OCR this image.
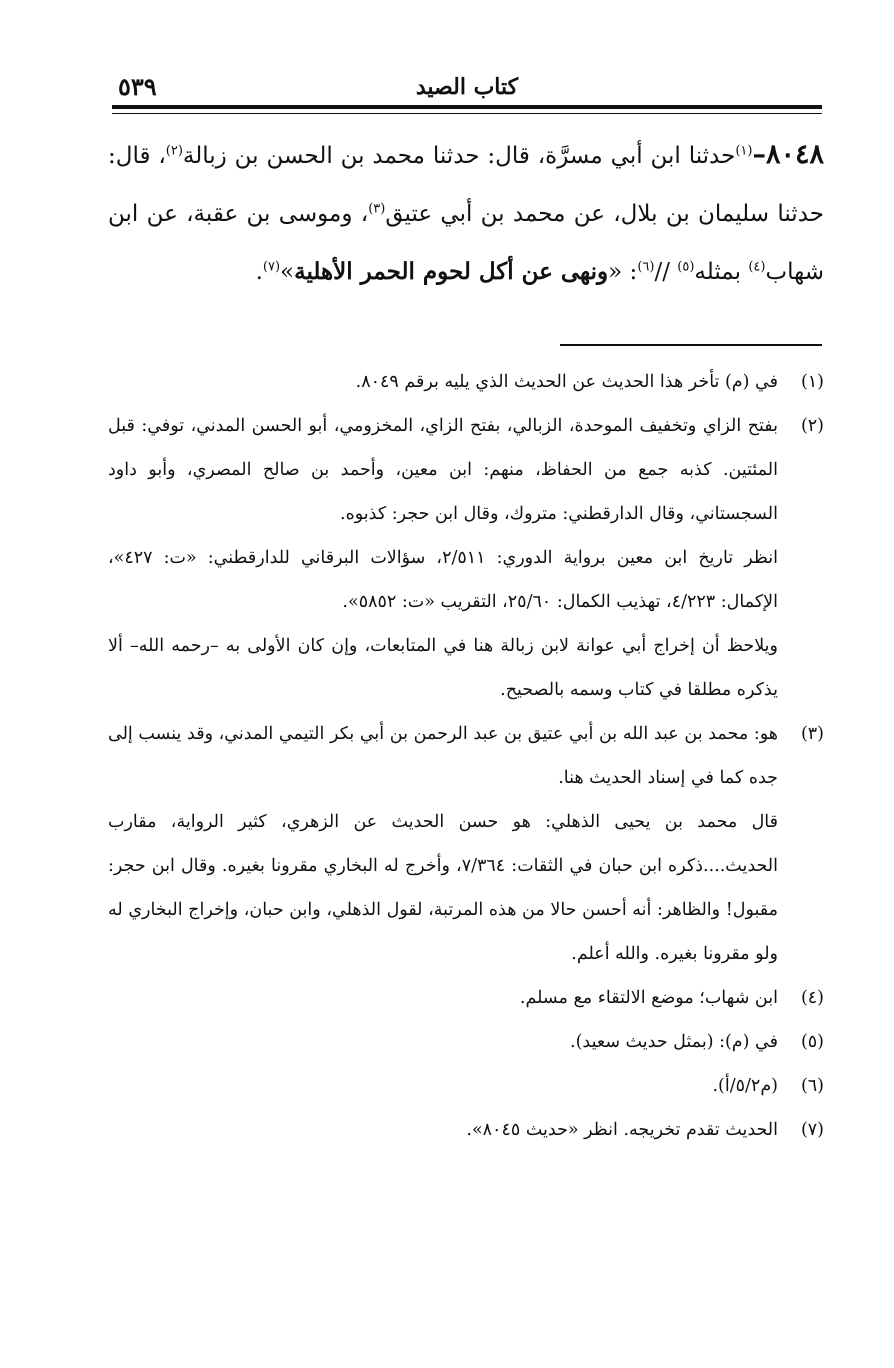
كتاب الصيد
٥٣٩
٨٠٤٨–$^{(١)}$حدثنا ابن أبي مسرَّة، قال: حدثنا محمد بن الحسن بن زبالة$^{(٢)}$، قال: حدثنا سليمان بن بلال، عن محمد بن أبي عتيق$^{(٣)}$، وموسى بن عقبة، عن ابن شهاب$^{(٤)}$ بمثله$^{(٥)}$ //$^{(٦)}$: «ونهى عن أكل لحوم الحمر الأهلية»$^{(٧)}$.
(١)

في (م) تأخر هذا الحديث عن الحديث الذي يليه برقم ٨٠٤٩.

(٢)

بفتح الزاي وتخفيف الموحدة، الزبالي، بفتح الزاي، المخزومي، أبو الحسن المدني، توفي: قبل المئتين. كذبه جمع من الحفاظ، منهم: ابن معين، وأحمد بن صالح المصري، وأبو داود السجستاني، وقال الدارقطني: متروك، وقال ابن حجر: كذبوه.

انظر تاريخ ابن معين برواية الدوري: ٢/٥١١، سؤالات البرقاني للدارقطني: «ت: ٤٢٧»، الإكمال: ٤/٢٢٣، تهذيب الكمال: ٢٥/٦٠، التقريب «ت: ٥٨٥٢».

ويلاحظ أن إخراج أبي عوانة لابن زبالة هنا في المتابعات، وإن كان الأولى به –رحمه الله– ألا يذكره مطلقا في كتاب وسمه بالصحيح.

(٣)

هو: محمد بن عبد الله بن أبي عتيق بن عبد الرحمن بن أبي بكر التيمي المدني، وقد ينسب إلى جده كما في إسناد الحديث هنا.

قال محمد بن يحيى الذهلي: هو حسن الحديث عن الزهري، كثير الرواية، مقارب الحديث....ذكره ابن حبان في الثقات: ٧/٣٦٤، وأخرج له البخاري مقرونا بغيره. وقال ابن حجر: مقبول! والظاهر: أنه أحسن حالا من هذه المرتبة، لقول الذهلي، وابن حبان، وإخراج البخاري له ولو مقرونا بغيره. والله أعلم.

(٤)

ابن شهاب؛ موضع الالتقاء مع مسلم.

(٥)

في (م): (بمثل حديث سعيد).

(٦)

(م٥/٢/أ).

(٧)

الحديث تقدم تخريجه. انظر «حديث ٨٠٤٥».
